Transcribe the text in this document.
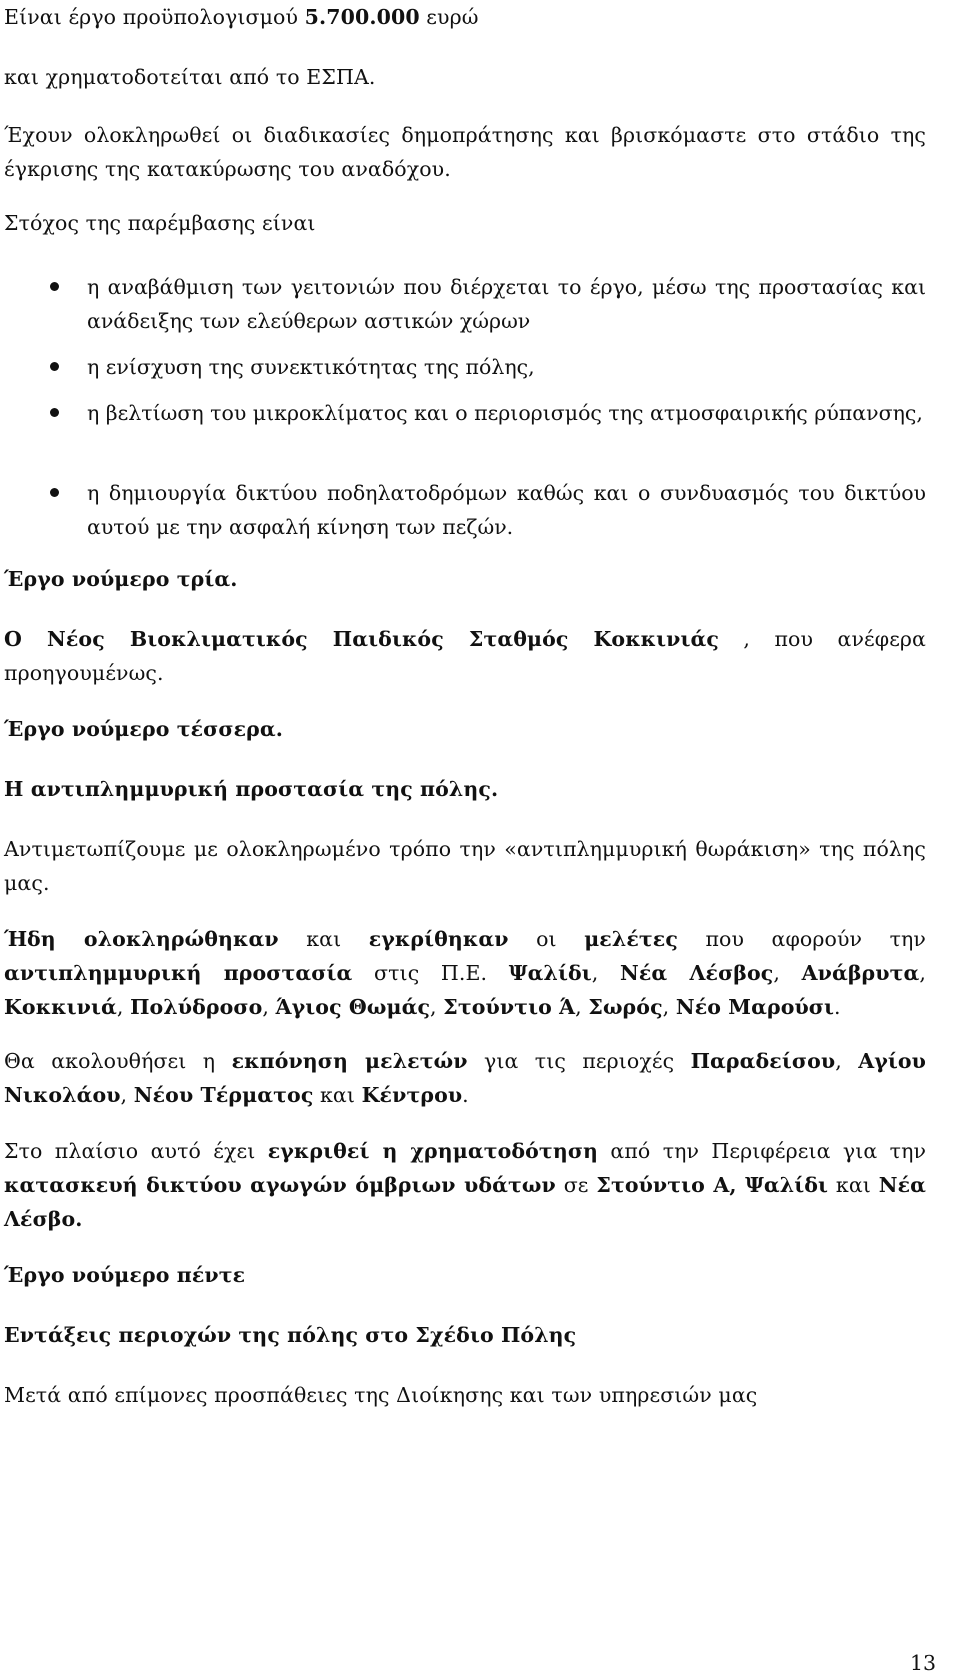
Είναι έργο προϋπολογισμού 5.700.000 ευρώ
και χρηματοδοτείται από το ΕΣΠΑ.
Έχουν ολοκληρωθεί οι διαδικασίες δημοπράτησης και βρισκόμαστε στο στάδιο της έγκρισης της κατακύρωσης του αναδόχου.
Στόχος της παρέμβασης είναι
η αναβάθμιση των γειτονιών που διέρχεται το έργο, μέσω της προστασίας και ανάδειξης των ελεύθερων αστικών χώρων
η ενίσχυση της συνεκτικότητας της πόλης,
η βελτίωση του μικροκλίματος και ο περιορισμός της ατμοσφαιρικής ρύπανσης,
η δημιουργία δικτύου ποδηλατοδρόμων καθώς και ο συνδυασμός του δικτύου αυτού με την ασφαλή κίνηση των πεζών.
Έργο νούμερο τρία.
Ο Νέος Βιοκλιματικός Παιδικός Σταθμός Κοκκινιάς , που ανέφερα προηγουμένως.
Έργο νούμερο τέσσερα.
Η αντιπλημμυρική προστασία της πόλης.
Αντιμετωπίζουμε με ολοκληρωμένο τρόπο την «αντιπλημμυρική θωράκιση» της πόλης μας.
Ήδη ολοκληρώθηκαν και εγκρίθηκαν οι μελέτες που αφορούν την αντιπλημμυρική προστασία στις Π.Ε. Ψαλίδι, Νέα Λέσβος, Ανάβρυτα, Κοκκινιά, Πολύδροσο, Άγιος Θωμάς, Στούντιο Ά, Σωρός, Νέο Μαρούσι.
Θα ακολουθήσει η εκπόνηση μελετών για τις περιοχές Παραδείσου, Αγίου Νικολάου, Νέου Τέρματος και Κέντρου.
Στο πλαίσιο αυτό έχει εγκριθεί η χρηματοδότηση από την Περιφέρεια για την κατασκευή δικτύου αγωγών όμβριων υδάτων σε Στούντιο Α, Ψαλίδι και Νέα Λέσβο.
Έργο νούμερο πέντε
Εντάξεις περιοχών της πόλης στο Σχέδιο Πόλης
Μετά από επίμονες προσπάθειες της Διοίκησης και των υπηρεσιών μας
13
